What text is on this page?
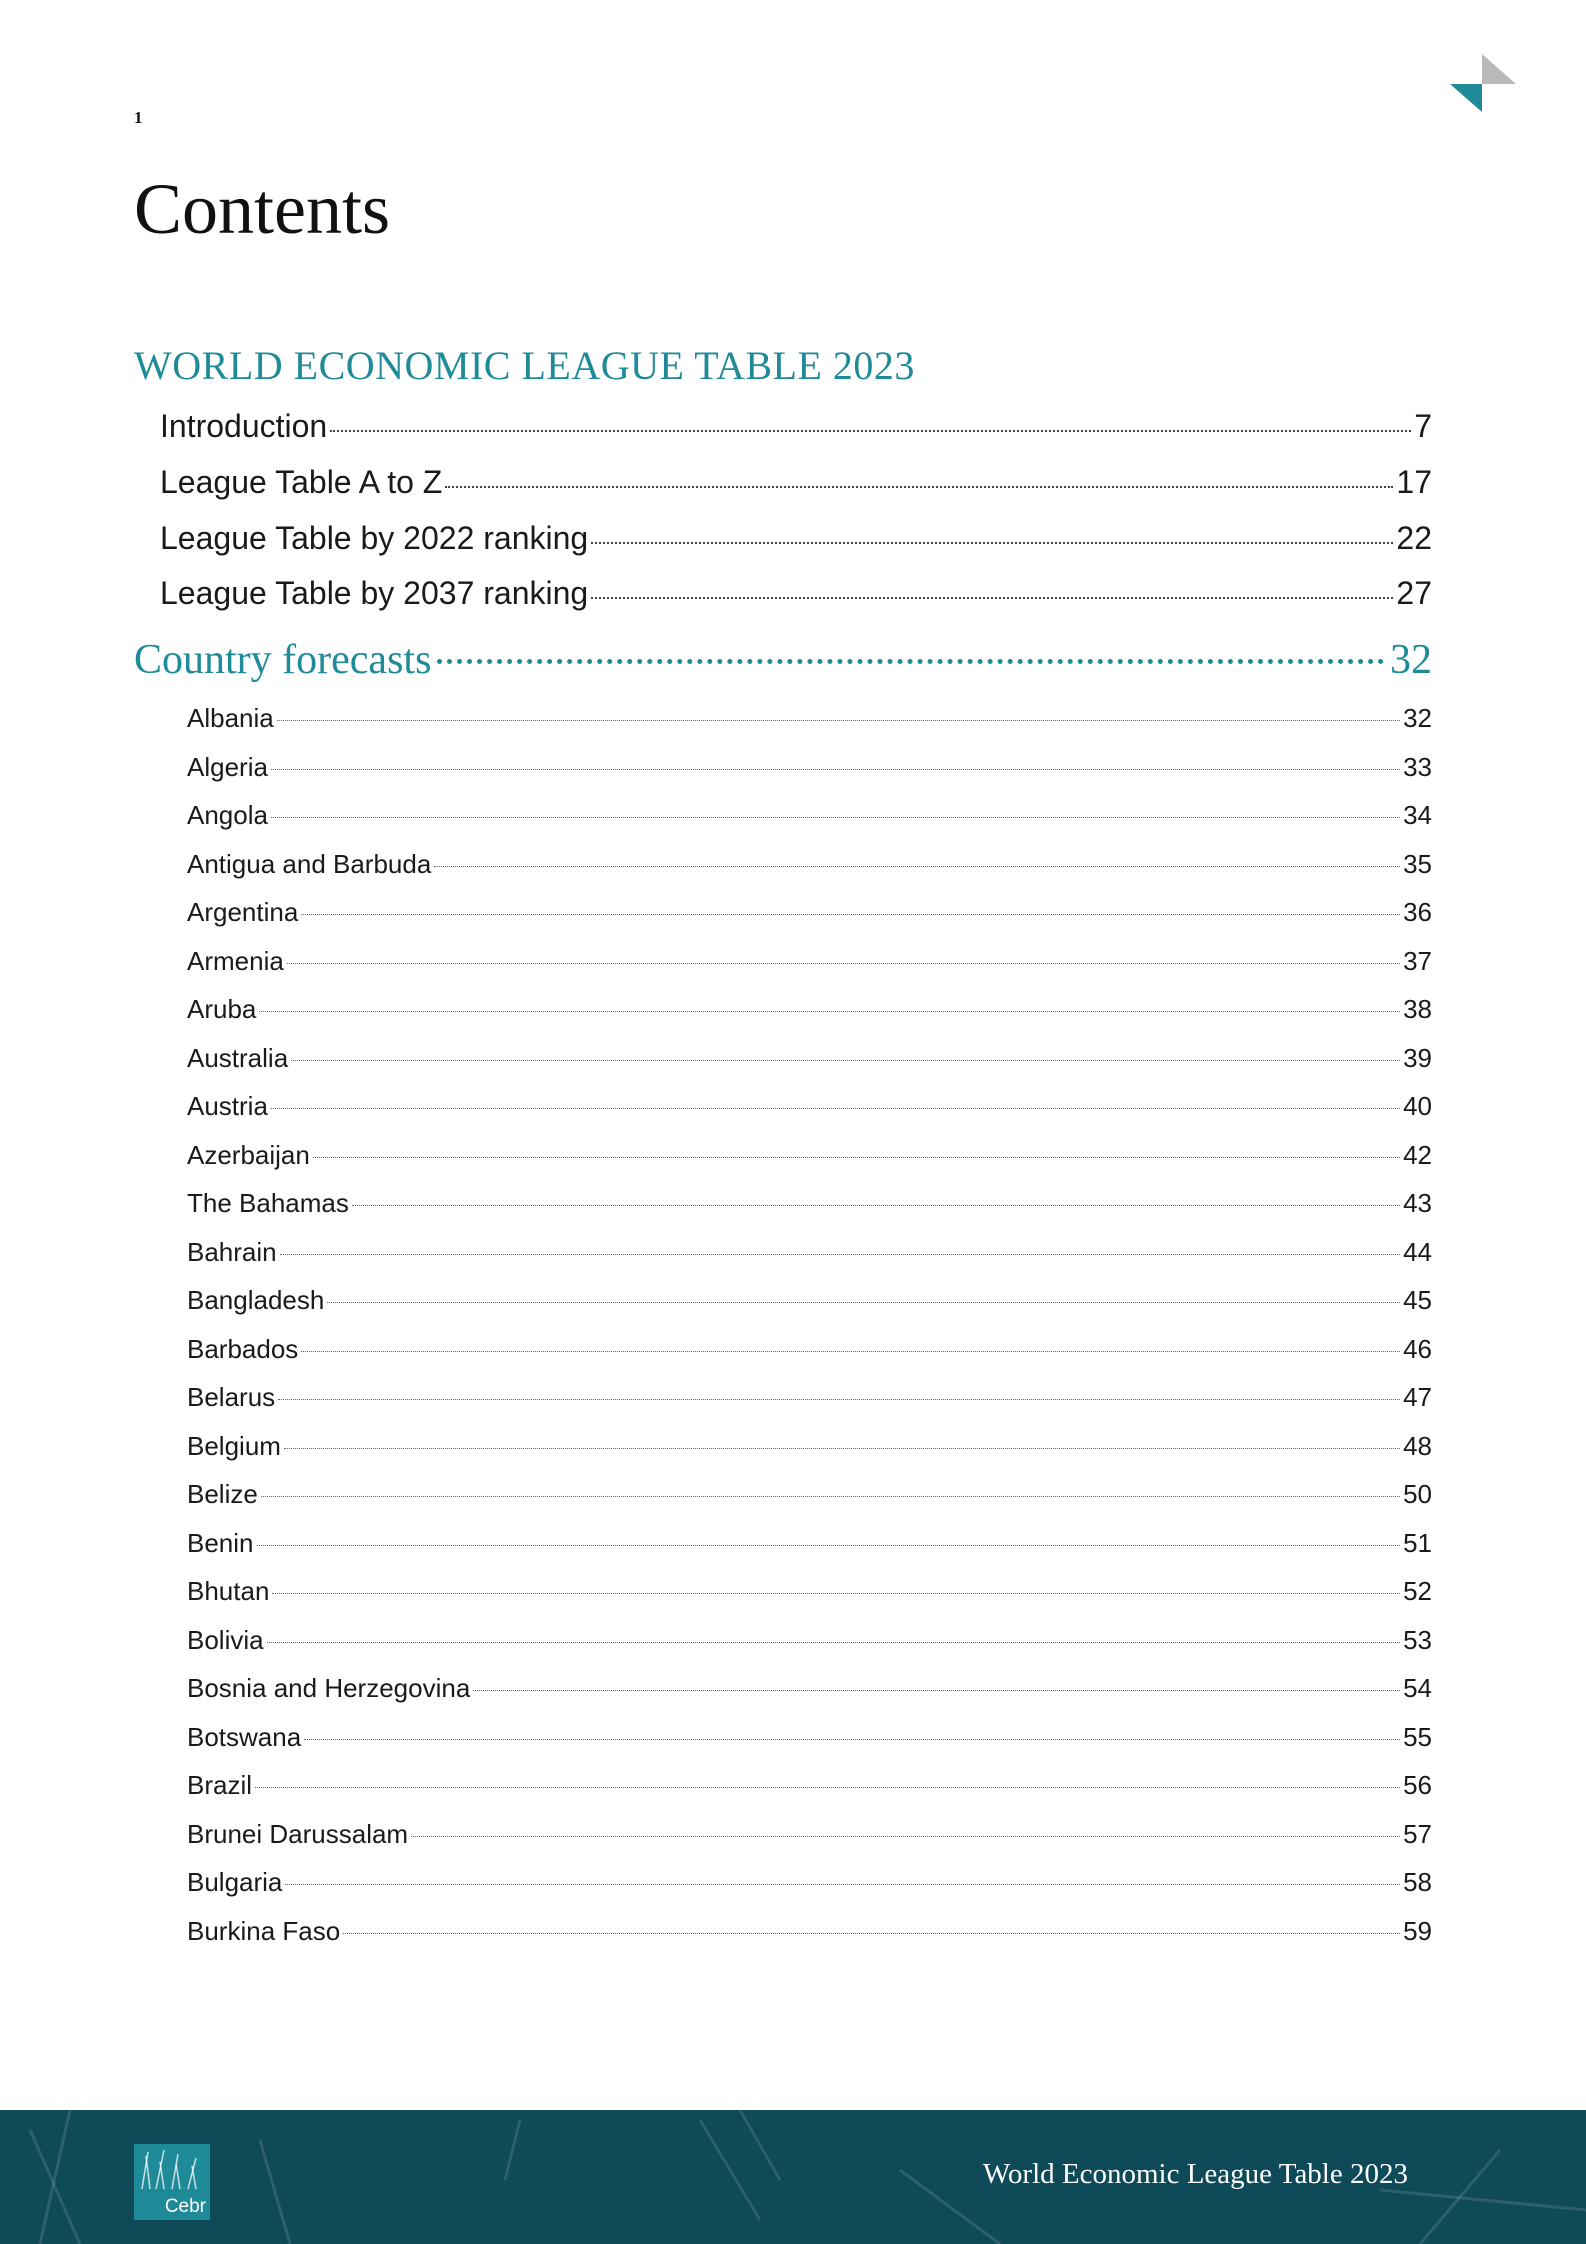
1
Contents
WORLD ECONOMIC LEAGUE TABLE 2023
Introduction	7
League Table A to Z	17
League Table by 2022 ranking	22
League Table by 2037 ranking	27
Country forecasts	32
Albania	32
Algeria	33
Angola	34
Antigua and Barbuda	35
Argentina	36
Armenia	37
Aruba	38
Australia	39
Austria	40
Azerbaijan	42
The Bahamas	43
Bahrain	44
Bangladesh	45
Barbados	46
Belarus	47
Belgium	48
Belize	50
Benin	51
Bhutan	52
Bolivia	53
Bosnia and Herzegovina	54
Botswana	55
Brazil	56
Brunei Darussalam	57
Bulgaria	58
Burkina Faso	59
Cebr
World Economic League Table 2023
